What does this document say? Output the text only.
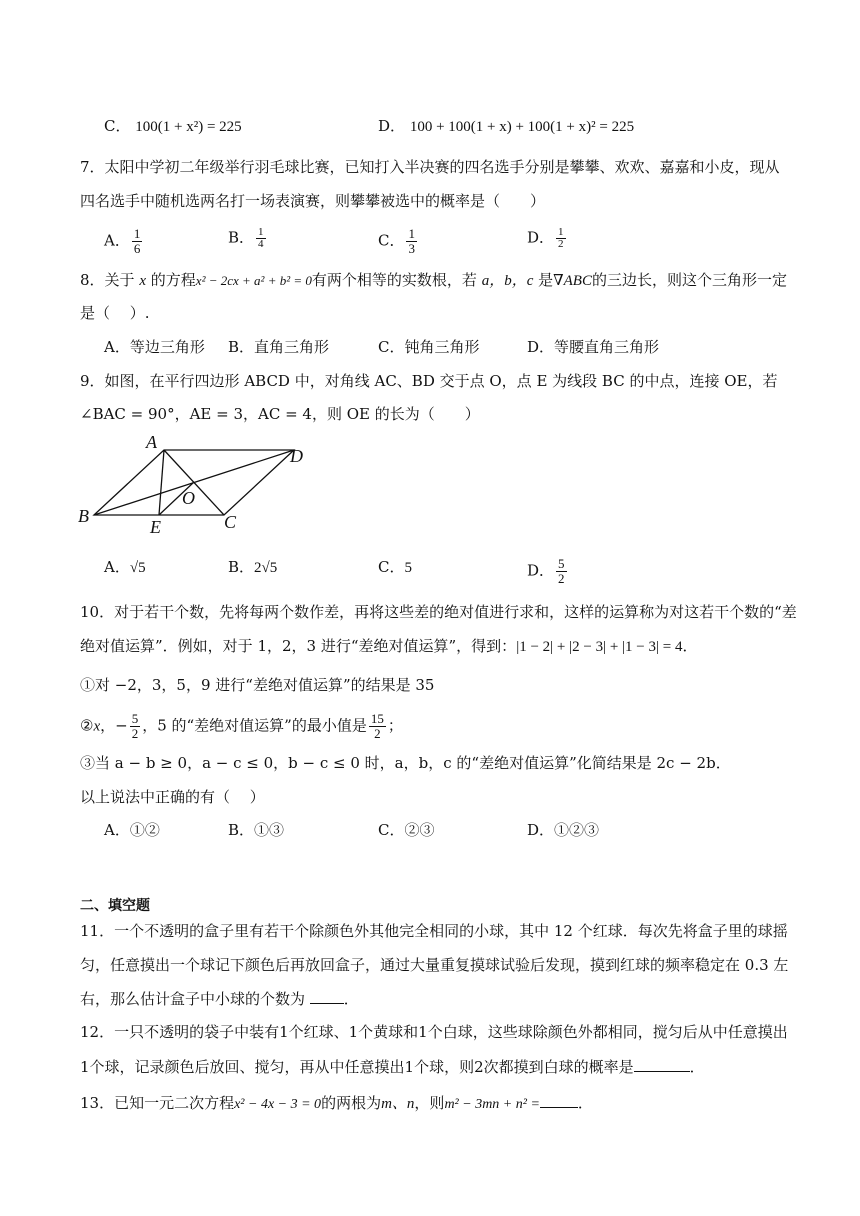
C． 100(1 + x²) = 225	D． 100 + 100(1 + x) + 100(1 + x)² = 225
7．太阳中学初二年级举行羽毛球比赛，已知打入半决赛的四名选手分别是攀攀、欢欢、嘉嘉和小皮，现从
四名选手中随机选两名打一场表演赛，则攀攀被选中的概率是（　　）
A． $\frac{1}{6}$	B． $\frac{1}{4}$	C． $\frac{1}{3}$	D． $\frac{1}{2}$
8．关于 x 的方程x² − 2cx + a² + b² = 0有两个相等的实数根，若 a，b，c 是∇ABC的三边长，则这个三角形一定
是（　 ）.
A．等边三角形 B．直角三角形	C．钝角三角形	D．等腰直角三角形
9．如图，在平行四边形 ABCD 中，对角线 AC、BD 交于点 O，点 E 为线段 BC 的中点，连接 OE，若
∠BAC = 90°，AE = 3，AC = 4，则 OE 的长为（　　）
A
B	C
D
E
O
A．√5	B．2√5	C．5	D． $\frac{5}{2}$
10．对于若干个数，先将每两个数作差，再将这些差的绝对值进行求和，这样的运算称为对这若干个数的“差
绝对值运算”．例如，对于 1，2，3 进行“差绝对值运算”，得到：|1 − 2| + |2 − 3| + |1 − 3| = 4．
①对 −2，3，5，9 进行“差绝对值运算”的结果是 35
②x，− $\frac{5}{2}$ ，5 的“差绝对值运算”的最小值是 $\frac{15}{2}$ ；
③当 a − b ≥ 0，a − c ≤ 0，b − c ≤ 0 时，a，b，c 的“差绝对值运算”化简结果是 2c − 2b．
以上说法中正确的有（　 ）
A．①②	B．①③	C．②③	D．①②③
二、填空题
11．一个不透明的盒子里有若干个除颜色外其他完全相同的小球，其中 12 个红球．每次先将盒子里的球摇
匀，任意摸出一个球记下颜色后再放回盒子，通过大量重复摸球试验后发现，摸到红球的频率稳定在 0.3 左
右，那么估计盒子中小球的个数为	．
12．一只不透明的袋子中装有1个红球、1个黄球和1个白球，这些球除颜色外都相同，搅匀后从中任意摸出
1个球，记录颜色后放回、搅匀，再从中任意摸出1个球，则2次都摸到白球的概率是	．
13．已知一元二次方程x² − 4x − 3 = 0的两根为m、n，则m² − 3mn + n² =	．
